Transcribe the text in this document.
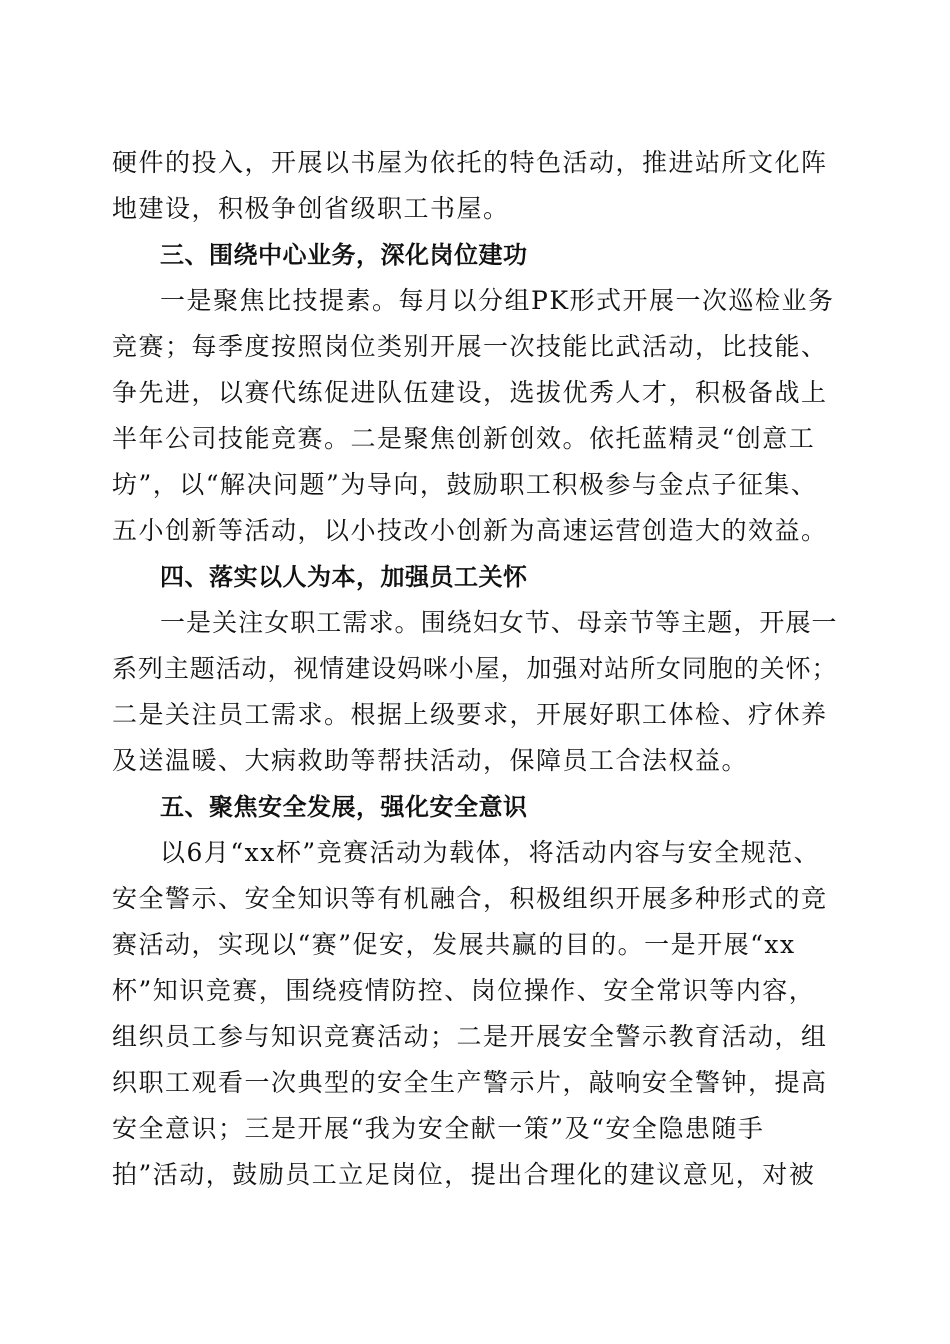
硬件的投入，开展以书屋为依托的特色活动，推进站所文化阵
地建设，积极争创省级职工书屋。
三、围绕中心业务，深化岗位建功
一是聚焦比技提素。每月以分组PK形式开展一次巡检业务
竞赛；每季度按照岗位类别开展一次技能比武活动，比技能、
争先进，以赛代练促进队伍建设，选拔优秀人才，积极备战上
半年公司技能竞赛。二是聚焦创新创效。依托蓝精灵“创意工
坊”，以“解决问题”为导向，鼓励职工积极参与金点子征集、
五小创新等活动，以小技改小创新为高速运营创造大的效益。
四、落实以人为本，加强员工关怀
一是关注女职工需求。围绕妇女节、母亲节等主题，开展一
系列主题活动，视情建设妈咪小屋，加强对站所女同胞的关怀；
二是关注员工需求。根据上级要求，开展好职工体检、疗休养
及送温暖、大病救助等帮扶活动，保障员工合法权益。
五、聚焦安全发展，强化安全意识
以6月“xx杯”竞赛活动为载体，将活动内容与安全规范、
安全警示、安全知识等有机融合，积极组织开展多种形式的竞
赛活动，实现以“赛”促安，发展共赢的目的。一是开展“xx
杯”知识竞赛，围绕疫情防控、岗位操作、安全常识等内容，
组织员工参与知识竞赛活动；二是开展安全警示教育活动，组
织职工观看一次典型的安全生产警示片，敲响安全警钟，提高
安全意识；三是开展“我为安全献一策”及“安全隐患随手
拍”活动，鼓励员工立足岗位，提出合理化的建议意见，对被
